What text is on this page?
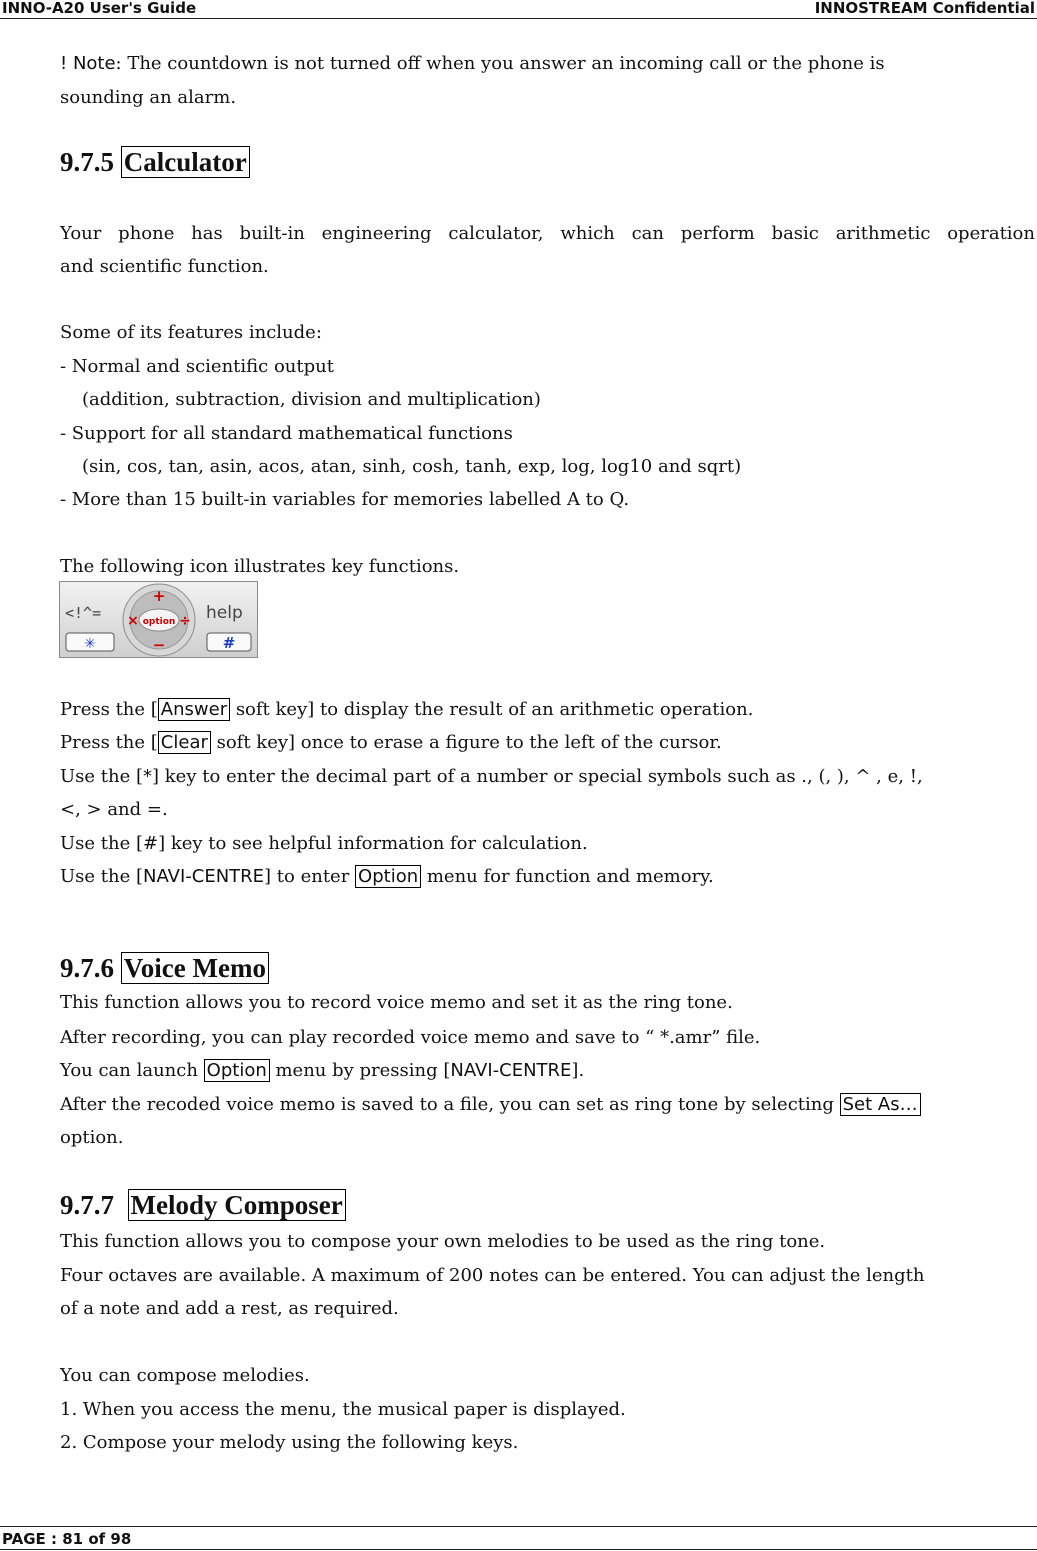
INNO-A20 User's Guide	INNOSTREAM Confidential
! Note: The countdown is not turned off when you answer an incoming call or the phone is
sounding an alarm.
9.7.5 Calculator
Your phone has built-in engineering calculator, which can perform basic arithmetic operation
and scientific function.
Some of its features include:
- Normal and scientific output
(addition, subtraction, division and multiplication)
- Support for all standard mathematical functions
(sin, cos, tan, asin, acos, atan, sinh, cosh, tanh, exp, log, log10 and sqrt)
- More than 15 built-in variables for memories labelled A to Q.
The following icon illustrates key functions.
<!^=	help
✳	#
option
+
−
×	÷
Press the [ Answer soft key] to display the result of an arithmetic operation.
Press the [ Clear soft key] once to erase a figure to the left of the cursor.
Use the [*] key to enter the decimal part of a number or special symbols such as ., (, ), ^ , e, !,
<, > and =.
Use the [#] key to see helpful information for calculation.
Use the [NAVI-CENTRE] to enter Option menu for function and memory.
9.7.6 Voice Memo
This function allows you to record voice memo and set it as the ring tone.
After recording, you can play recorded voice memo and save to “ *.amr” file.
You can launch Option menu by pressing [NAVI-CENTRE].
After the recoded voice memo is saved to a file, you can set as ring tone by selecting Set As…
option.
9.7.7 Melody Composer
This function allows you to compose your own melodies to be used as the ring tone.
Four octaves are available. A maximum of 200 notes can be entered. You can adjust the length
of a note and add a rest, as required.
You can compose melodies.
1. When you access the menu, the musical paper is displayed.
2. Compose your melody using the following keys.
PAGE : 81 of 98
